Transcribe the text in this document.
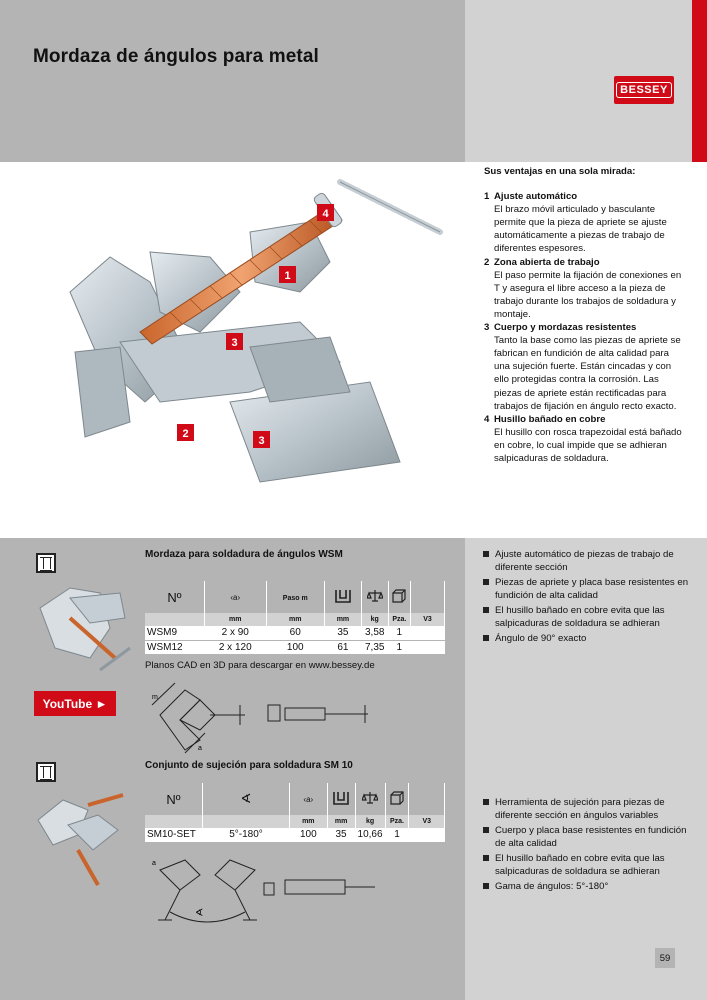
Mordaza de ángulos para metal
BESSEY
4
1
3
2
3
Sus ventajas en una sola mirada:
1 Ajuste automático
El brazo móvil articulado y basculante permite que la pieza de apriete se ajuste automáticamente a piezas de trabajo de diferentes espesores.
2 Zona abierta de trabajo
El paso permite la fijación de conexiones en T y asegura el libre acceso a la pieza de trabajo durante los trabajos de soldadura y montaje.
3 Cuerpo y mordazas resistentes
Tanto la base como las piezas de apriete se fabrican en fundición de alta calidad para una sujeción fuerte. Están cincadas y con ello protegidas contra la corrosión. Las piezas de apriete están rectificadas para trabajos de fijación en ángulo recto exacto.
4 Husillo bañado en cobre
El husillo con rosca trapezoidal está bañado en cobre, lo cual impide que se adhieran salpicaduras de soldadura.
Mordaza para soldadura de ángulos WSM
Nº	‹a›	Paso m				
	mm	mm	mm	kg	Pza.	V3
WSM9	2 x 90	60	35	3,58	1	
WSM12	2 x 120	100	61	7,35	1	
Planos CAD en 3D para descargar en www.bessey.de
YouTube ►	m
a
Ajuste automático de piezas de trabajo de diferente sección
Piezas de apriete y placa base resistentes en fundición de alta calidad
El husillo bañado en cobre evita que las salpicaduras de soldadura se adhieran
Ángulo de 90° exacto
Conjunto de sujeción para soldadura SM 10
Nº	∢	‹a›				
		mm	mm	kg	Pza.	V3
SM10-SET	5°-180°	100	35	10,66	1	
a
∢
Herramienta de sujeción para piezas de diferente sección en ángulos variables
Cuerpo y placa base resistentes en fundición de alta calidad
El husillo bañado en cobre evita que las salpicaduras de soldadura se adhieran
Gama de ángulos: 5°-180°
59
